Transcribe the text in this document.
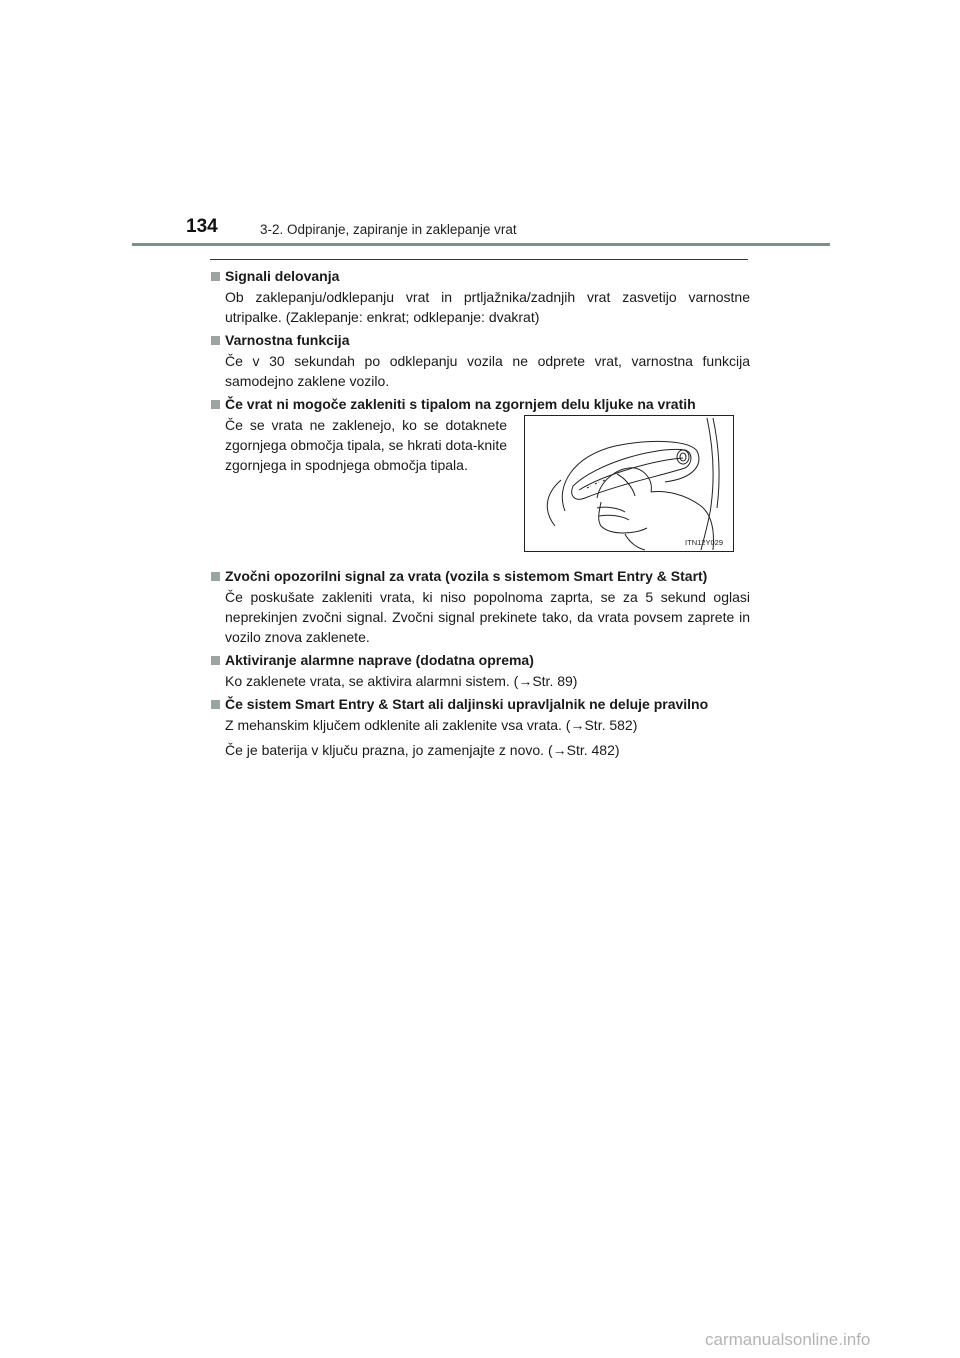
134	3-2. Odpiranje, zapiranje in zaklepanje vrat
Signali delovanja
Ob zaklepanju/odklepanju vrat in prtljažnika/zadnjih vrat zasvetijo varnostne utripalke. (Zaklepanje: enkrat; odklepanje: dvakrat)
Varnostna funkcija
Če v 30 sekundah po odklepanju vozila ne odprete vrat, varnostna funkcija samodejno zaklene vozilo.
Če vrat ni mogoče zakleniti s tipalom na zgornjem delu kljuke na vratih
Če se vrata ne zaklenejo, ko se dotaknete zgornjega območja tipala, se hkrati dota-knite zgornjega in spodnjega območja tipala.
ITN12Y029
Zvočni opozorilni signal za vrata (vozila s sistemom Smart Entry & Start)
Če poskušate zakleniti vrata, ki niso popolnoma zaprta, se za 5 sekund oglasi neprekinjen zvočni signal. Zvočni signal prekinete tako, da vrata povsem zaprete in vozilo znova zaklenete.
Aktiviranje alarmne naprave (dodatna oprema)
Ko zaklenete vrata, se aktivira alarmni sistem. (→Str. 89)
Če sistem Smart Entry & Start ali daljinski upravljalnik ne deluje pravilno
Z mehanskim ključem odklenite ali zaklenite vsa vrata. (→Str. 582)
Če je baterija v ključu prazna, jo zamenjajte z novo. (→Str. 482)
carmanualsonline.info
